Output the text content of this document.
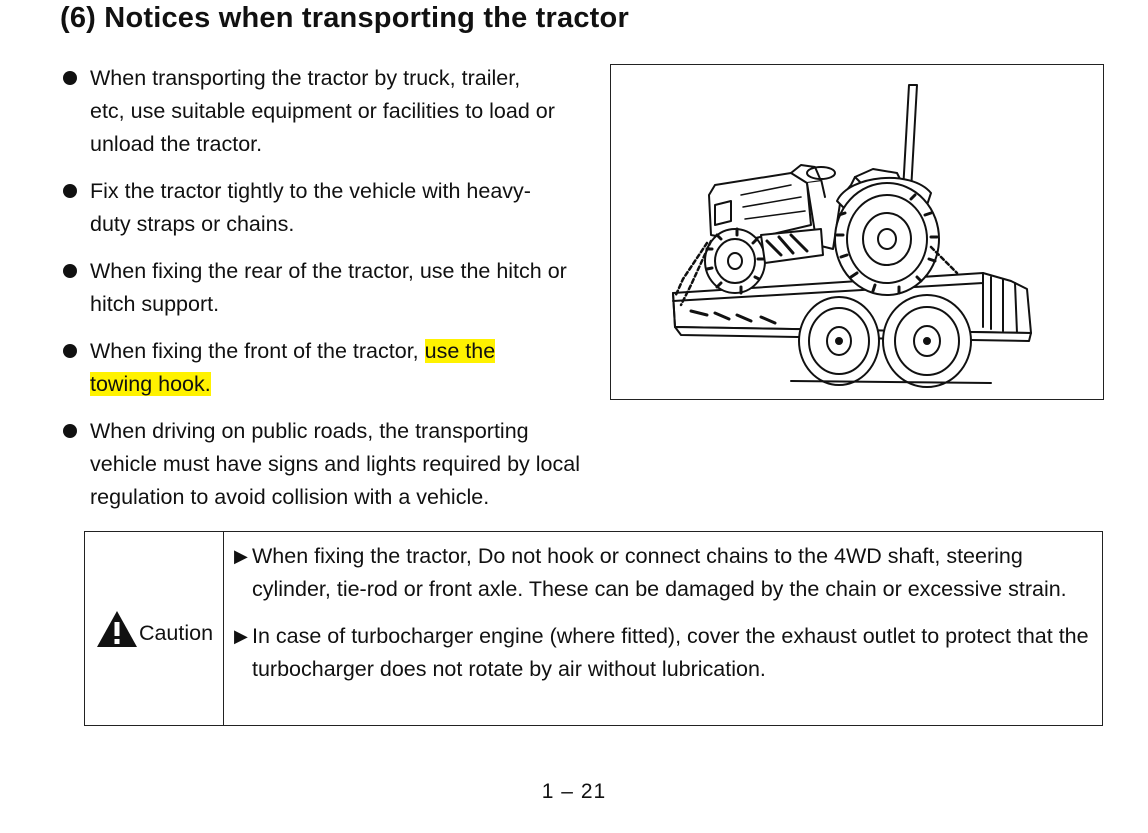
(6) Notices when transporting the tractor
When transporting the tractor by truck, trailer, etc, use suitable equipment or facilities to load or unload the tractor.
Fix the tractor tightly to the vehicle with heavy-duty straps or chains.
When fixing the rear of the tractor, use the hitch or hitch support.
When fixing the front of the tractor, use the towing hook.
When driving on public roads, the transporting vehicle must have signs and lights required by local regulation to avoid collision with a vehicle.
Caution
▶ When fixing the tractor, Do not hook or connect chains to the 4WD shaft, steering cylinder, tie-rod or front axle. These can be damaged by the chain or excessive strain.
▶ In case of turbocharger engine (where fitted), cover the exhaust outlet to protect that the turbocharger does not rotate by air without lubrication.
1 – 21
